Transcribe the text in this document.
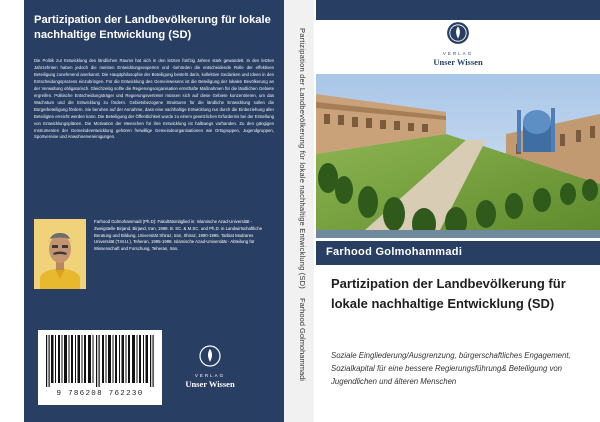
Partizipation der Landbevölkerung für lokale nachhaltige Entwicklung (SD)
Die Politik zur Entwicklung des ländlichen Raums hat sich in den letzten fünfzig Jahren stark gewandelt. In den letzten Jahrzehnten haben jedoch die meisten Entwicklungsexperten und -behörden die entscheidende Rolle der effektiven Beteiligung zunehmend anerkannt. Die Hauptphilosophie der Beteiligung besteht darin, kollektive Gedanken und Ideen in den Entscheidungsprozess einzubringen. Für die Entwicklung des Gemeinwesens ist die Beteiligung der lokalen Bevölkerung an der Verwaltung obligatorisch. Gleichzeitig sollte die Regierungsorganisation ernsthafte Maßnahmen für die ländlichen Gebiete ergreifen. Politische Entscheidungsträger und Regierungsvertreter müssen sich auf diese Gebiete konzentrieren, um das Wachstum und die Entwicklung zu fördern. Gebietsbezogene Strukturen für die ländliche Entwicklung sollen die Bürgerbeteiligung fördern. Sie beruhen auf der Annahme, dass eine nachhaltige Entwicklung nur durch die Einbeziehung aller Beteiligten erreicht werden kann. Die Beteiligung der Öffentlichkeit wurde zu einem gesetzlichen Erfordernis bei der Erstellung von Entwicklungsplänen. Die Motivation der Menschen für ihre Entwicklung ist halbwegs vorhanden. Zu den gängigen Instrumenten der Gemeindeentwicklung gehören freiwillige Gemeindeorganisationen wie Ortsgruppen, Jugendgruppen, Sportvereine und Anwohnervereinigungen.
Farhood Golmohammadi (Ph.D): Fakultätsmitglied in: Islamische Azad-Universität - Zweigstelle Birjand, Birjand, Iran, 1998. B. SC. & M.SC. und Ph.D. in Landwirtschaftliche Beratung und Bildung, Universität Shiraz, Iran, Shiraz, 1990-1995. Tarbiat Modrares Universität (T.M.U.), Teheran, 1995-1998. Islamische Azad-Universität - Abteilung für Wissenschaft und Forschung, Teheran, Iran.
9 786208 762230
VERLAG
Unser Wissen
Partizipation der Landbevölkerung für lokale nachhaltige Entwicklung (SD)
Farhood Golmohammadi
VERLAG
Unser Wissen
Farhood Golmohammadi
Partizipation der Landbevölkerung für lokale nachhaltige Entwicklung (SD)
Soziale Eingliederung/Ausgrenzung, bürgerschaftliches Engagement, Sozialkapital für eine bessere Regierungsführung& Beteiligung von Jugendlichen und älteren Menschen
